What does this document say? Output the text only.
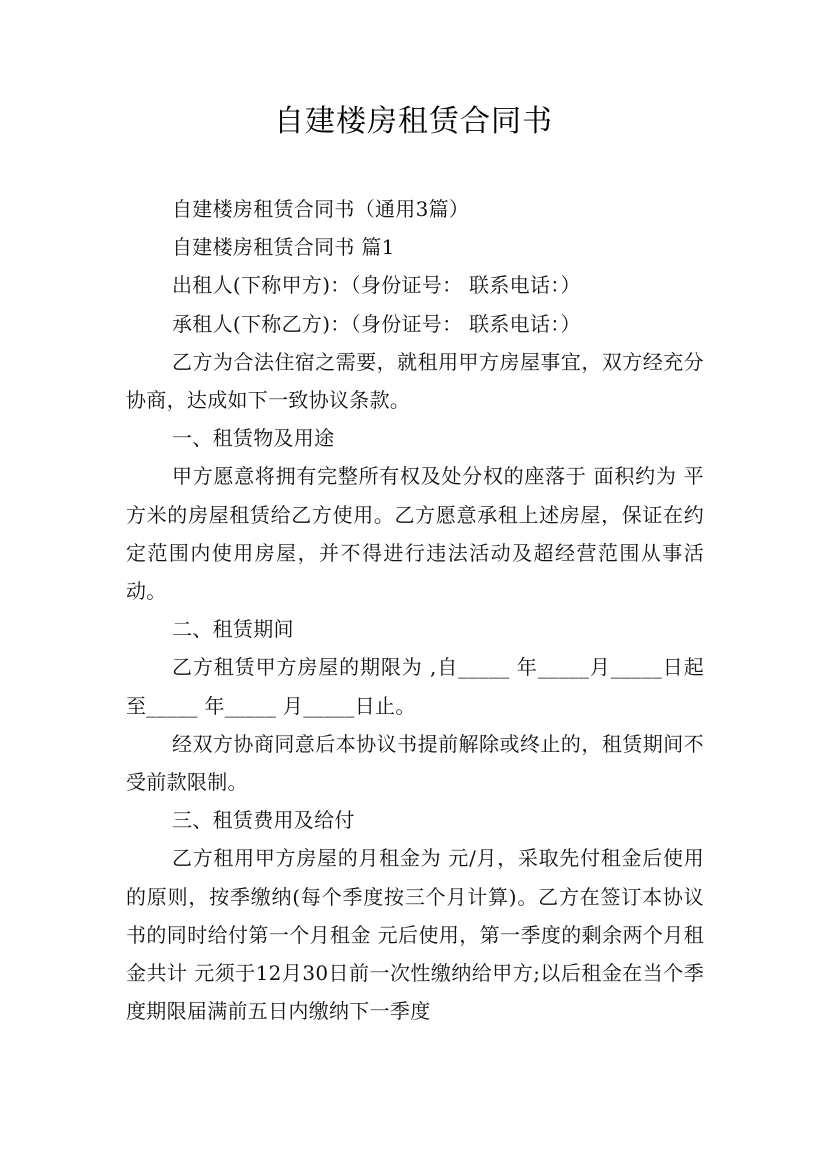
自建楼房租赁合同书

自建楼房租赁合同书（通用3篇）

自建楼房租赁合同书 篇1

出租人(下称甲方)：（身份证号： 联系电话：）

承租人(下称乙方)：（身份证号： 联系电话：）

乙方为合法住宿之需要，就租用甲方房屋事宜，双方经充分协商，达成如下一致协议条款。

一、租赁物及用途

甲方愿意将拥有完整所有权及处分权的座落于 面积约为 平方米的房屋租赁给乙方使用。乙方愿意承租上述房屋，保证在约定范围内使用房屋，并不得进行违法活动及超经营范围从事活动。

二、租赁期间

乙方租赁甲方房屋的期限为 ,自_____ 年_____月_____日起至_____ 年_____ 月_____日止。

经双方协商同意后本协议书提前解除或终止的，租赁期间不受前款限制。

三、租赁费用及给付

乙方租用甲方房屋的月租金为 元/月，采取先付租金后使用的原则，按季缴纳(每个季度按三个月计算)。乙方在签订本协议书的同时给付第一个月租金 元后使用，第一季度的剩余两个月租金共计 元须于12月30日前一次性缴纳给甲方;以后租金在当个季度期限届满前五日内缴纳下一季度
